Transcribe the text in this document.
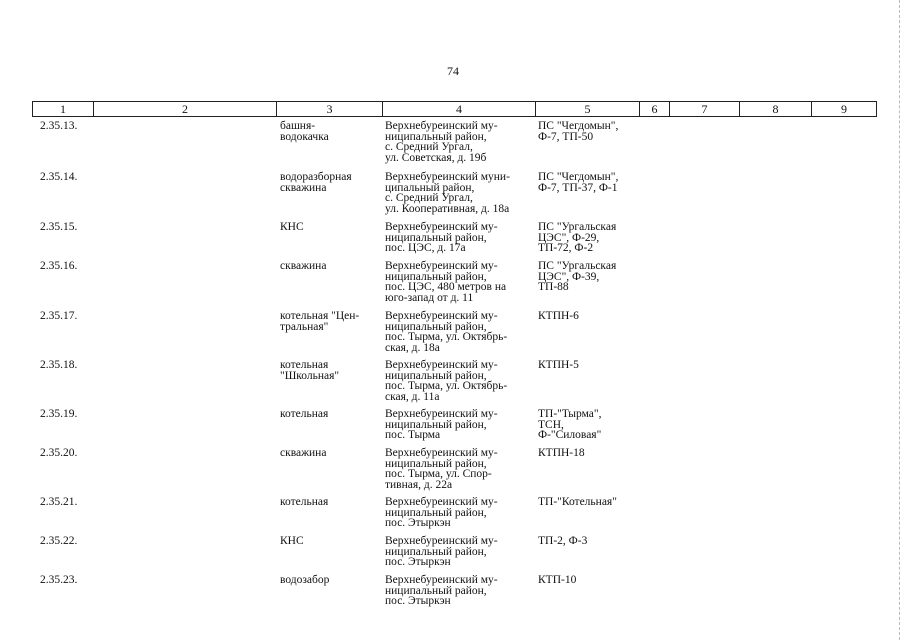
74
1	2	3	4	5	6	7	8	9
2.35.13.	башня-
водокачка
Верхнебуреинский му-
ниципальный район,
с. Средний Ургал,
ул. Советская, д. 19б
ПС "Чегдомын",
Ф-7, ТП-50
2.35.14.	водоразборная
скважина
Верхнебуреинский муни-
ципальный район,
с. Средний Ургал,
ул. Кооперативная, д. 18а
ПС "Чегдомын",
Ф-7, ТП-37, Ф-1
2.35.15.	КНС	Верхнебуреинский му-
ниципальный район,
пос. ЦЭС, д. 17а
ПС "Ургальская
ЦЭС", Ф-29,
ТП-72, Ф-2
2.35.16.	скважина	Верхнебуреинский му-
ниципальный район,
пос. ЦЭС, 480 метров на
юго-запад от д. 11
ПС "Ургальская
ЦЭС", Ф-39,
ТП-88
2.35.17.	котельная "Цен-
тральная"
Верхнебуреинский му-
ниципальный район,
пос. Тырма, ул. Октябрь-
ская, д. 18а
КТПН-6
2.35.18.	котельная
"Школьная"
Верхнебуреинский му-
ниципальный район,
пос. Тырма, ул. Октябрь-
ская, д. 11а
КТПН-5
2.35.19.	котельная	Верхнебуреинский му-
ниципальный район,
пос. Тырма
ТП-"Тырма",
ТСН,
Ф-"Силовая"
2.35.20.	скважина	Верхнебуреинский му-
ниципальный район,
пос. Тырма, ул. Спор-
тивная, д. 22а
КТПН-18
2.35.21.	котельная	Верхнебуреинский му-
ниципальный район,
пос. Этыркэн
ТП-"Котельная"
2.35.22.	КНС	Верхнебуреинский му-
ниципальный район,
пос. Этыркэн
ТП-2, Ф-3
2.35.23.	водозабор	Верхнебуреинский му-
ниципальный район,
пос. Этыркэн
КТП-10
